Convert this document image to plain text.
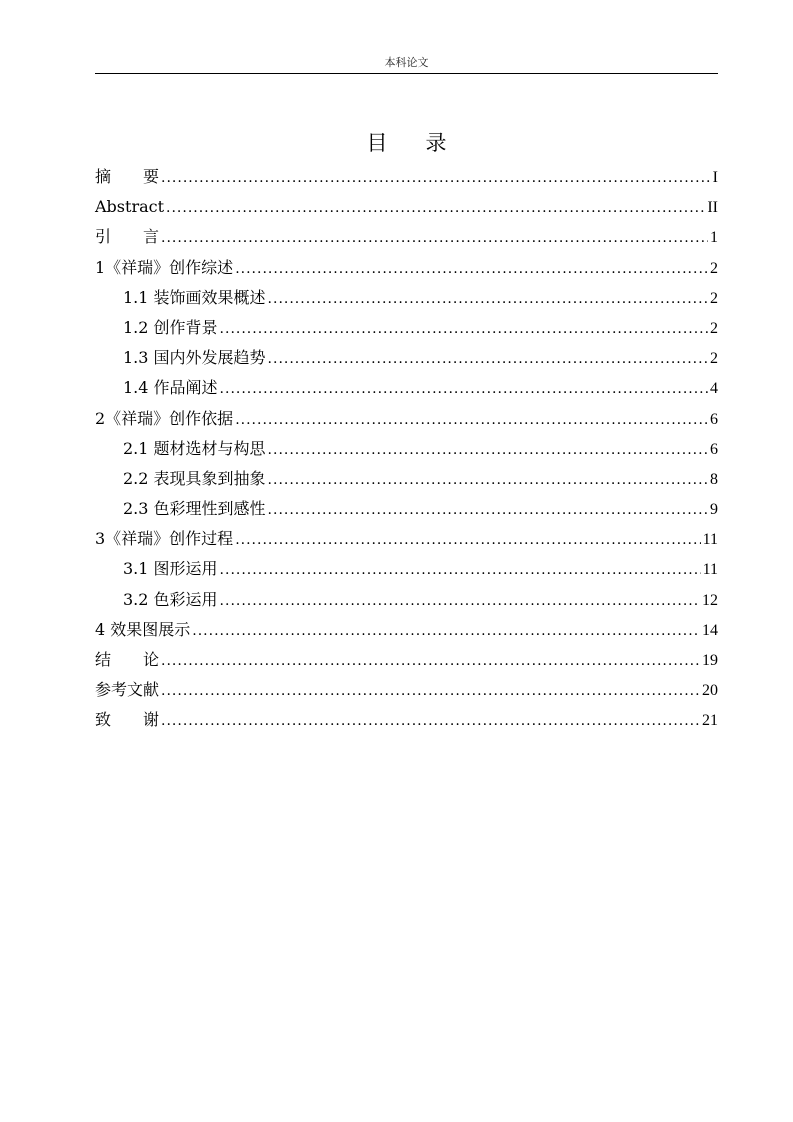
本科论文
目 录
摘　　要 .....	I
Abstract .....	II
引　　言 .....	1
1《祥瑞》创作综述 .....	2
1.1 装饰画效果概述 .....	2
1.2 创作背景 .....	2
1.3 国内外发展趋势 .....	2
1.4 作品阐述 .....	4
2《祥瑞》创作依据 .....	6
2.1 题材选材与构思 .....	6
2.2 表现具象到抽象 .....	8
2.3 色彩理性到感性 .....	9
3《祥瑞》创作过程 .....	11
3.1 图形运用 .....	11
3.2 色彩运用 .....	12
4 效果图展示 .....	14
结　　论 .....	19
参考文献 .....	20
致　　谢 .....	21
